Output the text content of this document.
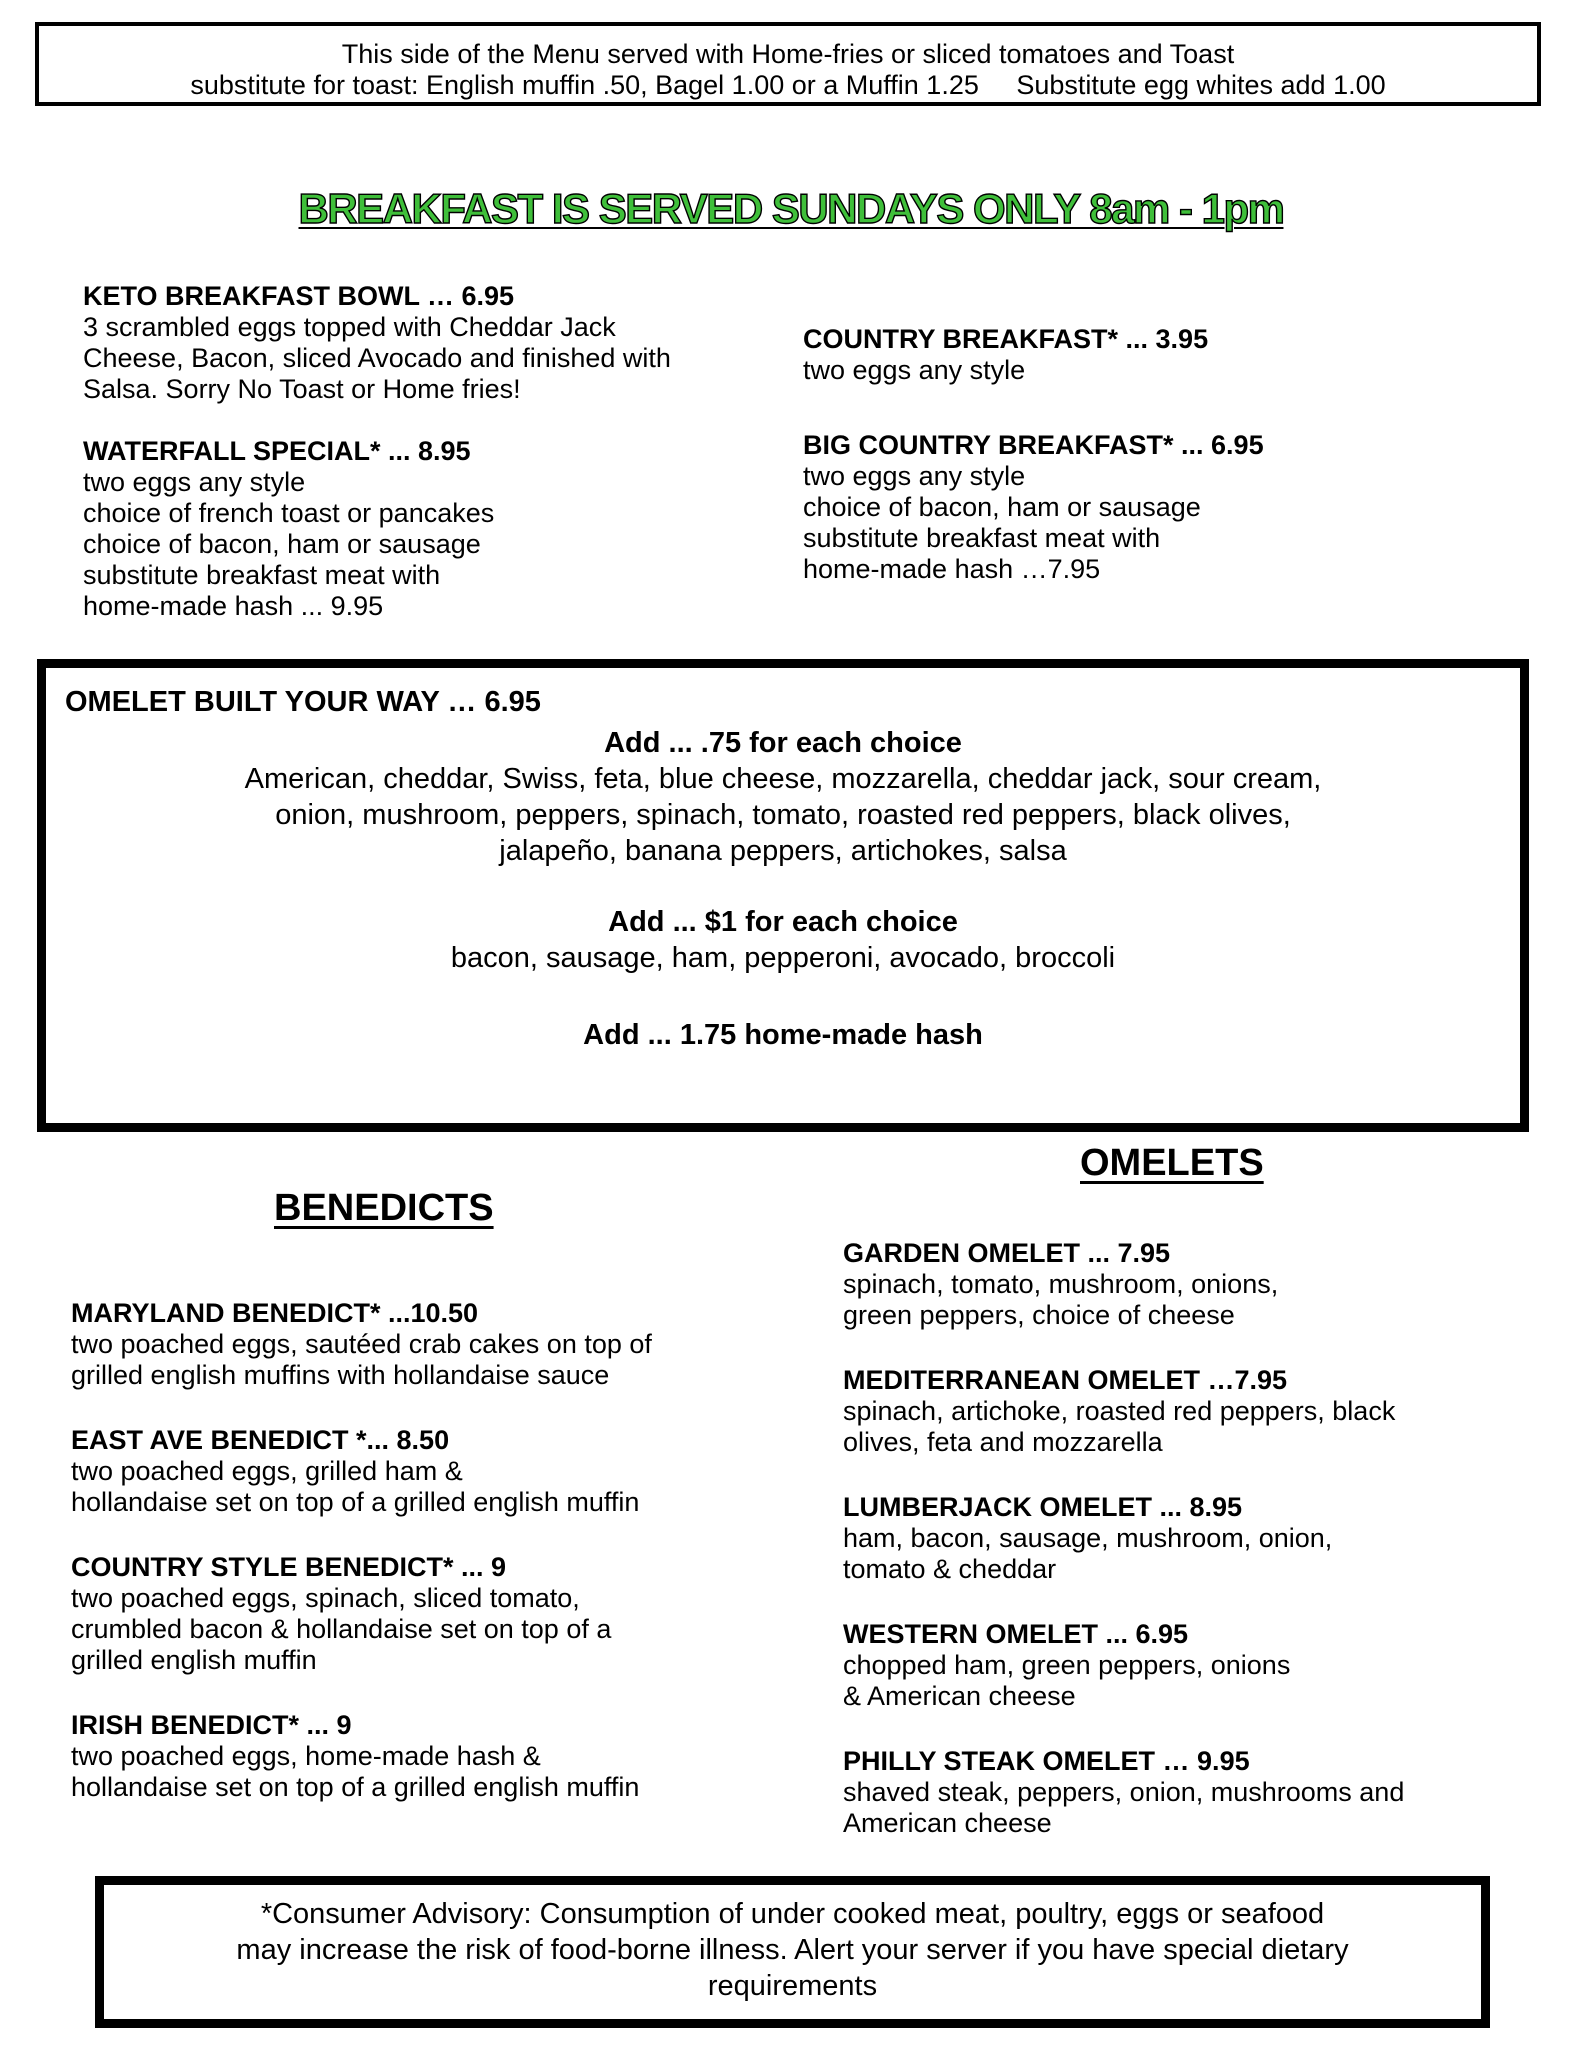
This side of the Menu served with Home-fries or sliced tomatoes and Toast
substitute for toast: English muffin .50, Bagel 1.00 or a Muffin 1.25     Substitute egg whites add 1.00
BREAKFAST IS SERVED SUNDAYS ONLY 8am - 1pm
KETO BREAKFAST BOWL … 6.95
3 scrambled eggs topped with Cheddar Jack
Cheese, Bacon, sliced Avocado and finished with
Salsa. Sorry No Toast or Home fries!
WATERFALL SPECIAL* ... 8.95
two eggs any style
choice of french toast or pancakes
choice of bacon, ham or sausage
substitute breakfast meat with
home-made hash ... 9.95
COUNTRY BREAKFAST* ... 3.95
two eggs any style
BIG COUNTRY BREAKFAST* ... 6.95
two eggs any style
choice of bacon, ham or sausage
substitute breakfast meat with
home-made hash …7.95
OMELET BUILT YOUR WAY … 6.95
Add ... .75 for each choice
American, cheddar, Swiss, feta, blue cheese, mozzarella, cheddar jack, sour cream,
onion, mushroom, peppers, spinach, tomato, roasted red peppers, black olives,
jalapeño, banana peppers, artichokes, salsa
Add ... $1 for each choice
bacon, sausage, ham, pepperoni, avocado, broccoli
Add ... 1.75 home-made hash
OMELETS
BENEDICTS
MARYLAND BENEDICT* ...10.50
two poached eggs, sautéed crab cakes on top of
grilled english muffins with hollandaise sauce
EAST AVE BENEDICT *... 8.50
two poached eggs, grilled ham &
hollandaise set on top of a grilled english muffin
COUNTRY STYLE BENEDICT* ... 9
two poached eggs, spinach, sliced tomato,
crumbled bacon & hollandaise set on top of a
grilled english muffin
IRISH BENEDICT* ... 9
two poached eggs, home-made hash &
hollandaise set on top of a grilled english muffin
GARDEN OMELET ... 7.95
spinach, tomato, mushroom, onions,
green peppers, choice of cheese
MEDITERRANEAN OMELET …7.95
spinach, artichoke, roasted red peppers, black
olives, feta and mozzarella
LUMBERJACK OMELET ... 8.95
ham, bacon, sausage, mushroom, onion,
tomato & cheddar
WESTERN OMELET ... 6.95
chopped ham, green peppers, onions
& American cheese
PHILLY STEAK OMELET … 9.95
shaved steak, peppers, onion, mushrooms and
American cheese
*Consumer Advisory: Consumption of under cooked meat, poultry, eggs or seafood
may increase the risk of food-borne illness. Alert your server if you have special dietary
requirements
